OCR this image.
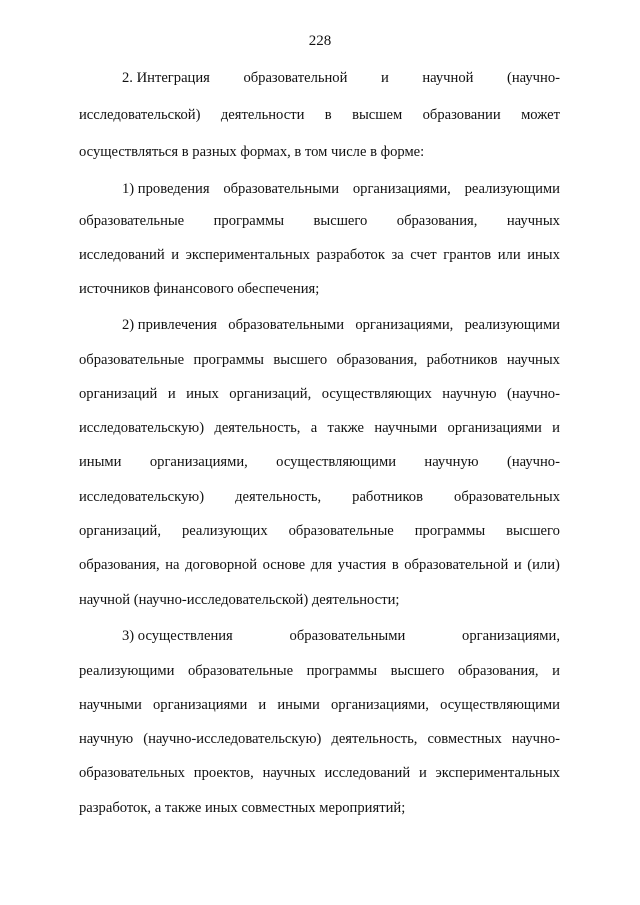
228
2. Интеграция образовательной и научной (научно-
исследовательской) деятельности в высшем образовании может
осуществляться в разных формах, в том числе в форме:
1) проведения образовательными организациями, реализующими
образовательные программы высшего образования, научных
исследований и экспериментальных разработок за счет грантов или иных
источников финансового обеспечения;
2) привлечения образовательными организациями, реализующими
образовательные программы высшего образования, работников научных
организаций и иных организаций, осуществляющих научную (научно-
исследовательскую) деятельность, а также научными организациями и
иными организациями, осуществляющими научную (научно-
исследовательскую) деятельность, работников образовательных
организаций, реализующих образовательные программы высшего
образования, на договорной основе для участия в образовательной и (или)
научной (научно-исследовательской) деятельности;
3) осуществления	образовательными	организациями,
реализующими образовательные программы высшего образования, и
научными организациями и иными организациями, осуществляющими
научную (научно-исследовательскую) деятельность, совместных научно-
образовательных проектов, научных исследований и экспериментальных
разработок, а также иных совместных мероприятий;
